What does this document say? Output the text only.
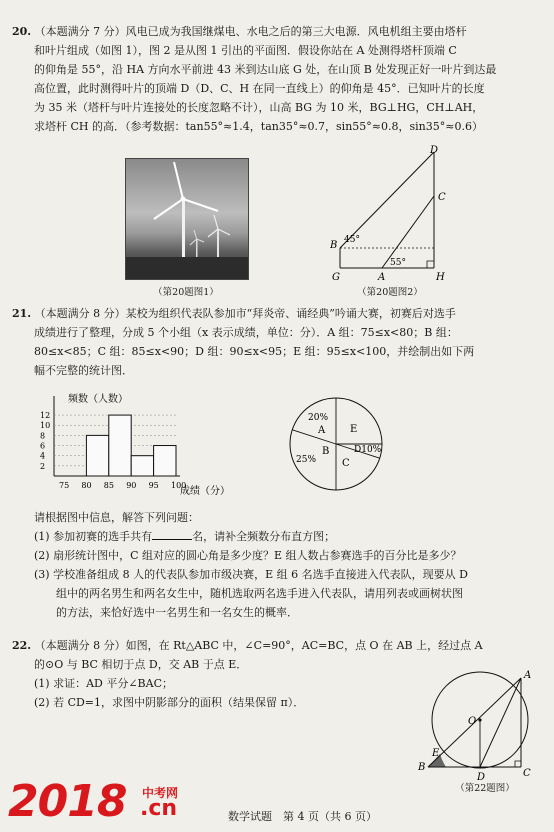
20. （本题满分 7 分）风电已成为我国继煤电、水电之后的第三大电源．风电机组主要由塔杆

和叶片组成（如图 1），图 2 是从图 1 引出的平面图．假设你站在 A 处测得塔杆顶端 C

的仰角是 55°，沿 HA 方向水平前进 43 米到达山底 G 处，在山顶 B 处发现正好一叶片到达最

高位置，此时测得叶片的顶端 D（D、C、H 在同一直线上）的仰角是 45°．已知叶片的长度

为 35 米（塔杆与叶片连接处的长度忽略不计），山高 BG 为 10 米，BG⊥HG，CH⊥AH，

求塔杆 CH 的高．（参考数据：tan55°≈1.4，tan35°≈0.7，sin55°≈0.8，sin35°≈0.6）

（第20题图1）
D
C
B
G	A	H
45°
55°
（第20题图2）

21. （本题满分 8 分）某校为组织代表队参加市“拜炎帝、诵经典”吟诵大赛，初赛后对选手

成绩进行了整理，分成 5 个小组（x 表示成绩，单位：分）．A 组：75≤x<80；B 组：

80≤x<85；C 组：85≤x<90；D 组：90≤x<95；E 组：95≤x<100，并绘制出如下两

幅不完整的统计图．

频数（人数）
成绩（分）
2
4
6
8
10
12
75 80 85 90 95 100
20%
A
25%
B
C
D10%
E

请根据图中信息，解答下列问题：

(1) 参加初赛的选手共有	名，请补全频数分布直方图；

(2) 扇形统计图中，C 组对应的圆心角是多少度？E 组人数占参赛选手的百分比是多少？

(3) 学校准备组成 8 人的代表队参加市级决赛，E 组 6 名选手直接进入代表队，现要从 D

组中的两名男生和两名女生中，随机选取两名选手进入代表队，请用列表或画树状图

的方法，来恰好选中一名男生和一名女生的概率．

22. （本题满分 8 分）如图，在 Rt△ABC 中，∠C=90°，AC=BC，点 O 在 AB 上，经过点 A

的⊙O 与 BC 相切于点 D，交 AB 于点 E．

(1) 求证：AD 平分∠BAC；

(2) 若 CD=1，求图中阴影部分的面积（结果保留 π）．

A
O
E
B
D	C
（第22题图）
2018 中考网
.cn	数学试题　第 4 页（共 6 页）
